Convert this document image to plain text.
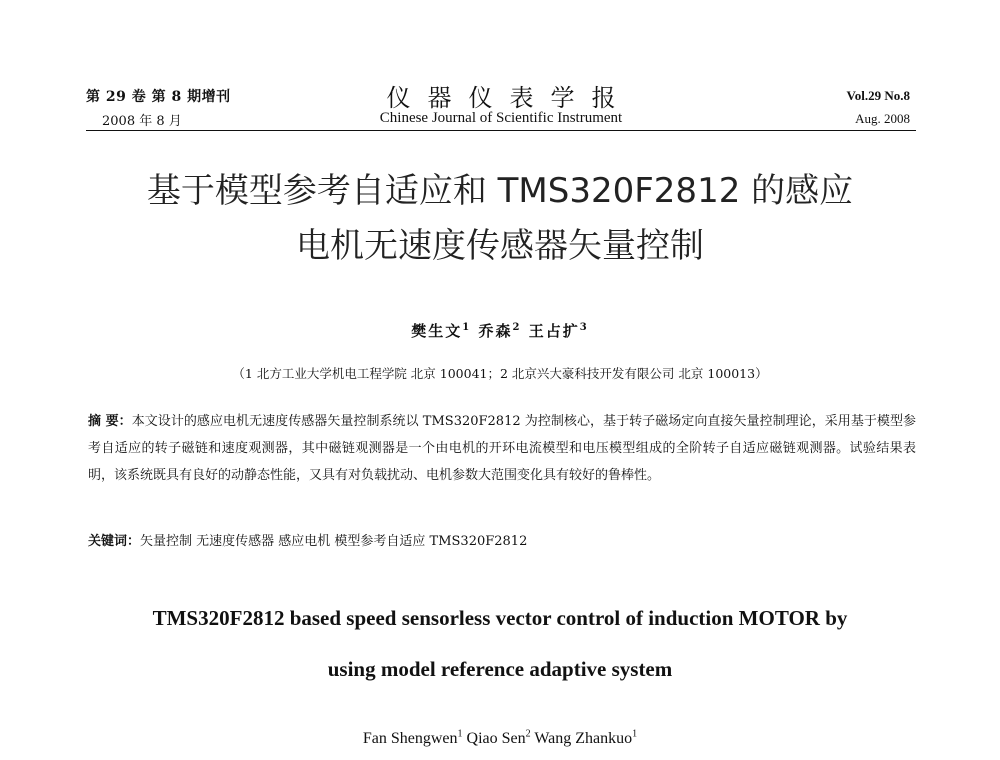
第 29 卷 第 8 期增刊
2008 年 8 月
仪器仪表学报
Chinese Journal of Scientific Instrument
Vol.29 No.8
Aug. 2008
基于模型参考自适应和 TMS320F2812 的感应
电机无速度传感器矢量控制
樊生文$^1$ 乔森$^2$ 王占扩$^3$
（1 北方工业大学机电工程学院 北京 100041；2 北京兴大豪科技开发有限公司 北京 100013）
摘 要：本文设计的感应电机无速度传感器矢量控制系统以 TMS320F2812 为控制核心，基于转子磁场定向直接矢量控制理论，采用基于模型参考自适应的转子磁链和速度观测器，其中磁链观测器是一个由电机的开环电流模型和电压模型组成的全阶转子自适应磁链观测器。试验结果表明，该系统既具有良好的动静态性能，又具有对负载扰动、电机参数大范围变化具有较好的鲁棒性。
关键词：矢量控制 无速度传感器 感应电机 模型参考自适应 TMS320F2812
TMS320F2812 based speed sensorless vector control of induction MOTOR by
using model reference adaptive system
Fan Shengwen$^1$ Qiao Sen$^2$ Wang Zhankuo$^1$
